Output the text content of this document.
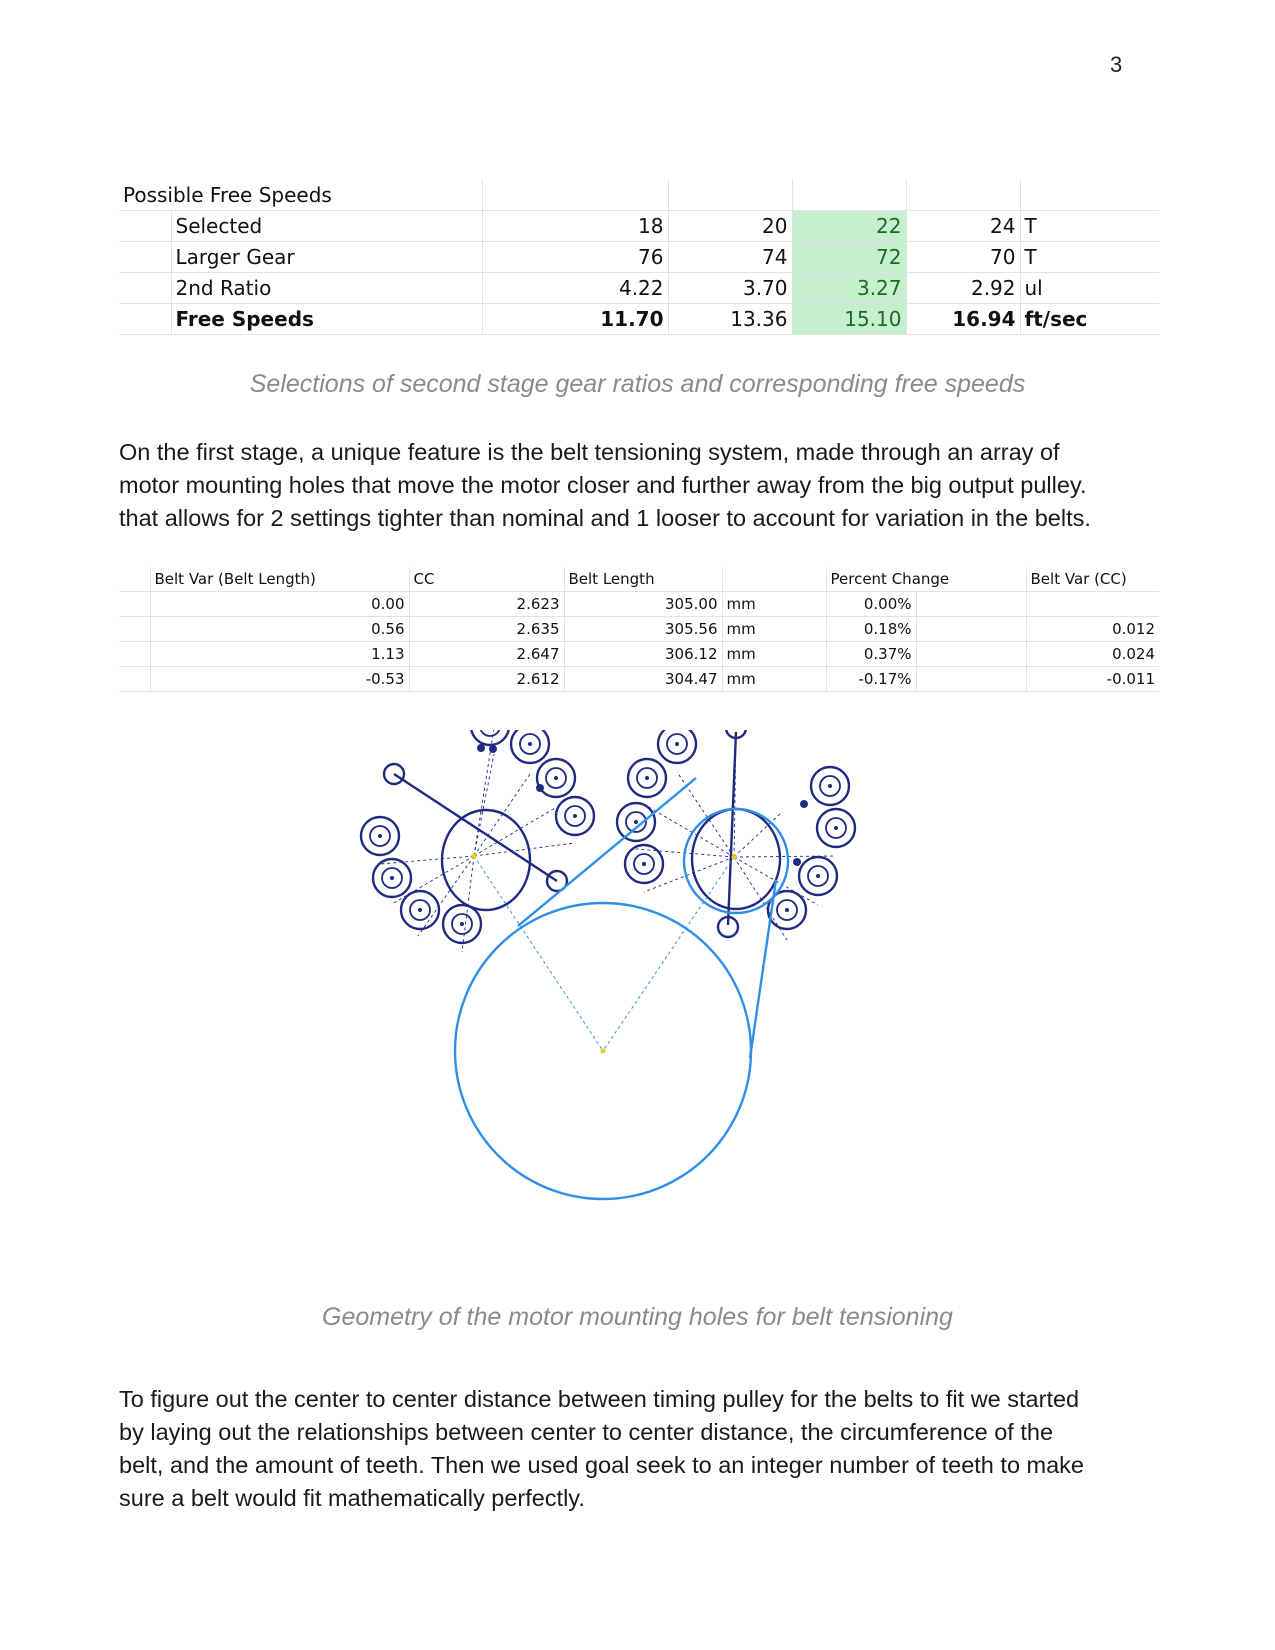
3
Possible Free Speeds						
	Selected	18	20	22	24	T
	Larger Gear	76	74	72	70	T
	2nd Ratio	4.22	3.70	3.27	2.92	ul
	Free Speeds	11.70	13.36	15.10	16.94	ft/sec
Selections of second stage gear ratios and corresponding free speeds
On the first stage, a unique feature is the belt tensioning system, made through an array of
motor mounting holes that move the motor closer and further away from the big output pulley.
that allows for 2 settings tighter than nominal and 1 looser to account for variation in the belts.
	Belt Var (Belt Length)	CC	Belt Length		Percent Change		Belt Var (CC)
	0.00	2.623	305.00	mm	0.00%		
	0.56	2.635	305.56	mm	0.18%		0.012
	1.13	2.647	306.12	mm	0.37%		0.024
	-0.53	2.612	304.47	mm	-0.17%		-0.011
Geometry of the motor mounting holes for belt tensioning
To figure out the center to center distance between timing pulley for the belts to fit we started
by laying out the relationships between center to center distance, the circumference of the
belt, and the amount of teeth. Then we used goal seek to an integer number of teeth to make
sure a belt would fit mathematically perfectly.
